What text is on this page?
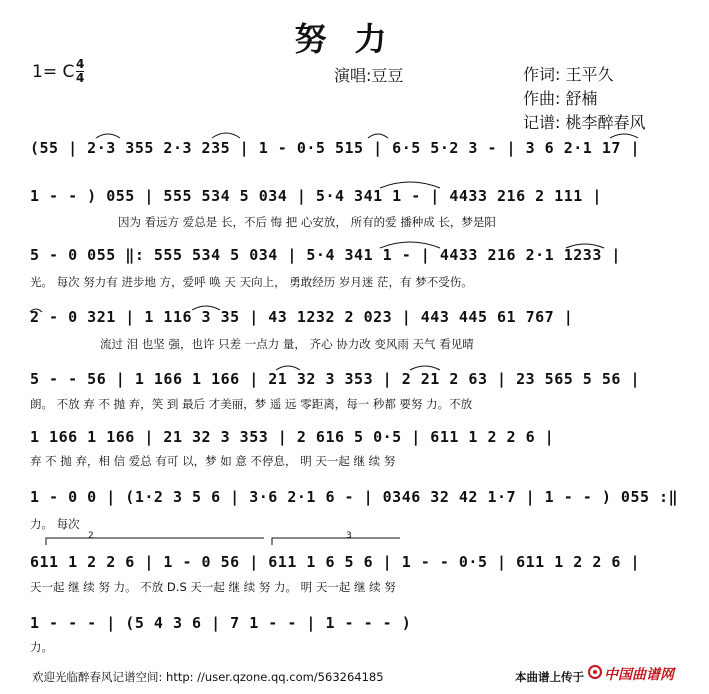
努力
1= C 4
4	演唱:豆豆	作词: 王平久
作曲: 舒楠
记谱: 桃李醉春风
(55 | 2·3 355 2·3 235 | 1 - 0·5 515 | 6·5 5·2 3 - | 3 6 2·1 17 |
1 - - ) 055 | 555 534 5 034 | 5·4 341 1 - | 4433 216 2 111 |
因为 看远方 爱总是 长，不后 悔 把 心安放， 所有的爱 播种成 长，梦是阳
5 - 0 055 ‖: 555 534 5 034 | 5·4 341 1 - | 4433 216 2·1 1233 |
光。 每次 努力有 进步地 方，爱呼 唤 天 天向上， 勇敢经历 岁月迷 茫，有 梦不受伤。
2 - 0 321 | 1 116 3 35 | 43 1232 2 023 | 443 445 61 767 |
流过 泪 也坚 强，也许 只差 一点力 量， 齐心 协力改 变风雨 天气 看见晴
5 - - 56 | 1 166 1 166 | 21 32 3 353 | 2 21 2 63 | 23 565 5 56 |
朗。 不放 弃 不 抛 弃，笑 到 最后 才美丽，梦 遥 远 零距离，每一 秒都 要努 力。不放
1 166 1 166 | 21 32 3 353 | 2 616 5 0·5 | 611 1 2 2 6 |
弃 不 抛 弃，相 信 爱总 有可 以，梦 如 意 不停息， 明 天一起 继 续 努
1 - 0 0 | (1·2 3 5 6 | 3·6 2·1 6 - | 0346 32 42 1·7 | 1 - - ) 055 :‖
力。 每次
611 1 2 2 6 | 1 - 0 56 | 611 1 6 5 6 | 1 - - 0·5 | 611 1 2 2 6 |
天一起 继 续 努 力。 不放 D.S 天一起 继 续 努 力。 明 天一起 继 续 努
1 - - - | (5 4 3 6 | 7 1 - - | 1 - - - )
力。
2	3
欢迎光临醉春风记谱空间: http: //user.qzone.qq.com/563264185	本曲谱上传于 中国曲谱网
